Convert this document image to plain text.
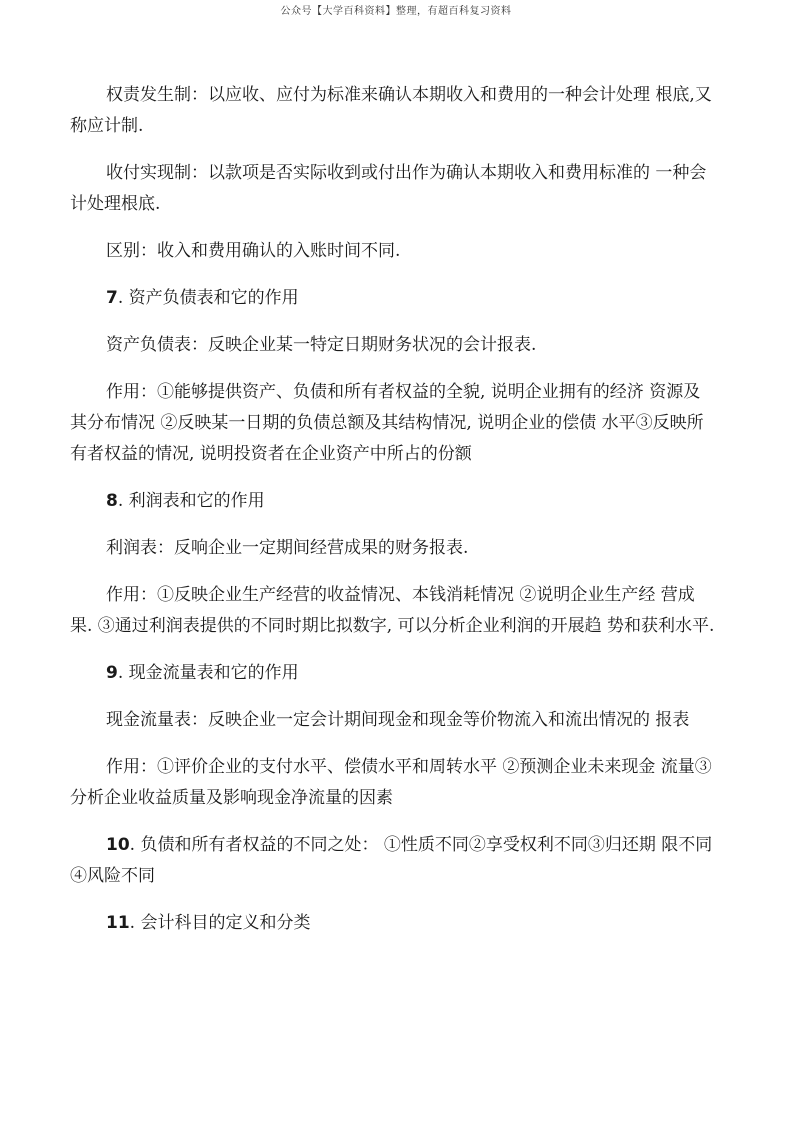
公众号【大学百科资料】整理，有超百科复习资料

权责发生制：以应收、应付为标准来确认本期收入和费用的一种会计处理 根底,又称应计制.

收付实现制：以款项是否实际收到或付出作为确认本期收入和费用标准的 一种会计处理根底.

区别：收入和费用确认的入账时间不同.

7. 资产负债表和它的作用

资产负债表：反映企业某一特定日期财务状况的会计报表.

作用：①能够提供资产、负债和所有者权益的全貌, 说明企业拥有的经济 资源及其分布情况 ②反映某一日期的负债总额及其结构情况, 说明企业的偿债 水平③反映所有者权益的情况, 说明投资者在企业资产中所占的份额

8. 利润表和它的作用

利润表：反响企业一定期间经营成果的财务报表.

作用：①反映企业生产经营的收益情况、本钱消耗情况 ②说明企业生产经 营成果. ③通过利润表提供的不同时期比拟数字, 可以分析企业利润的开展趋 势和获利水平.

9. 现金流量表和它的作用

现金流量表：反映企业一定会计期间现金和现金等价物流入和流出情况的 报表

作用：①评价企业的支付水平、偿债水平和周转水平 ②预测企业未来现金 流量③分析企业收益质量及影响现金净流量的因素

10. 负债和所有者权益的不同之处： ①性质不同②享受权利不同③归还期 限不同④风险不同

11. 会计科目的定义和分类
